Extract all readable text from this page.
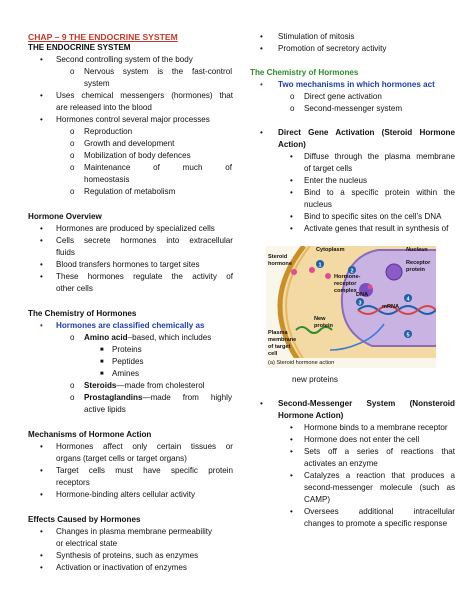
CHAP – 9 THE ENDOCRINE SYSTEM
THE ENDOCRINE SYSTEM
• Second controlling system of the body
o Nervous system is the fast-control
system
• Uses chemical messengers (hormones) that
are released into the blood
• Hormones control several major processes
o Reproduction
o Growth and development
o Mobilization of body defences
o Maintenance	of	much	of
homeostasis
o Regulation of metabolism
Hormone Overview
• Hormones are produced by specialized cells
• Cells secrete hormones into extracellular
fluids
• Blood transfers hormones to target sites
• These hormones regulate the activity of
other cells
The Chemistry of Hormones
• Hormones are classified chemically as
o Amino acid–based, which includes
■ Proteins
■ Peptides
■ Amines
o Steroids—made from cholesterol
o Prostaglandins—made from highly
active lipids
Mechanisms of Hormone Action
• Hormones affect only certain tissues or
organs (target cells or target organs)
• Target cells must have specific protein
receptors
• Hormone-binding alters cellular activity
Effects Caused by Hormones
• Changes in plasma membrane permeability
or electrical state
• Synthesis of proteins, such as enzymes
• Activation or inactivation of enzymes
• Stimulation of mitosis
• Promotion of secretory activity
The Chemistry of Hormones
• Two mechanisms in which hormones act
o Direct gene activation
o Second-messenger system
• Direct Gene Activation (Steroid Hormone
Action)
• Diffuse through the plasma membrane
of target cells
• Enter the nucleus
• Bind to a specific protein within the
nucleus
• Bind to specific sites on the cell’s DNA
• Activate genes that result in synthesis of
new proteins
• Second-Messenger System (Nonsteroid
Hormone Action)
• Hormone binds to a membrane receptor
• Hormone does not enter the cell
• Sets off a series of reactions that
activates an enzyme
• Catalyzes a reaction that produces a
second-messenger molecule (such as
CAMP)
• Oversees additional intracellular
changes to promote a specific response
1
2
3
4
5
Cytoplasm	Nucleus
Steroid hormone	Receptor protein
Hormone-receptor complex
DNA
mRNA
New protein
Plasma membrane of target cell
(a) Steroid hormone action
